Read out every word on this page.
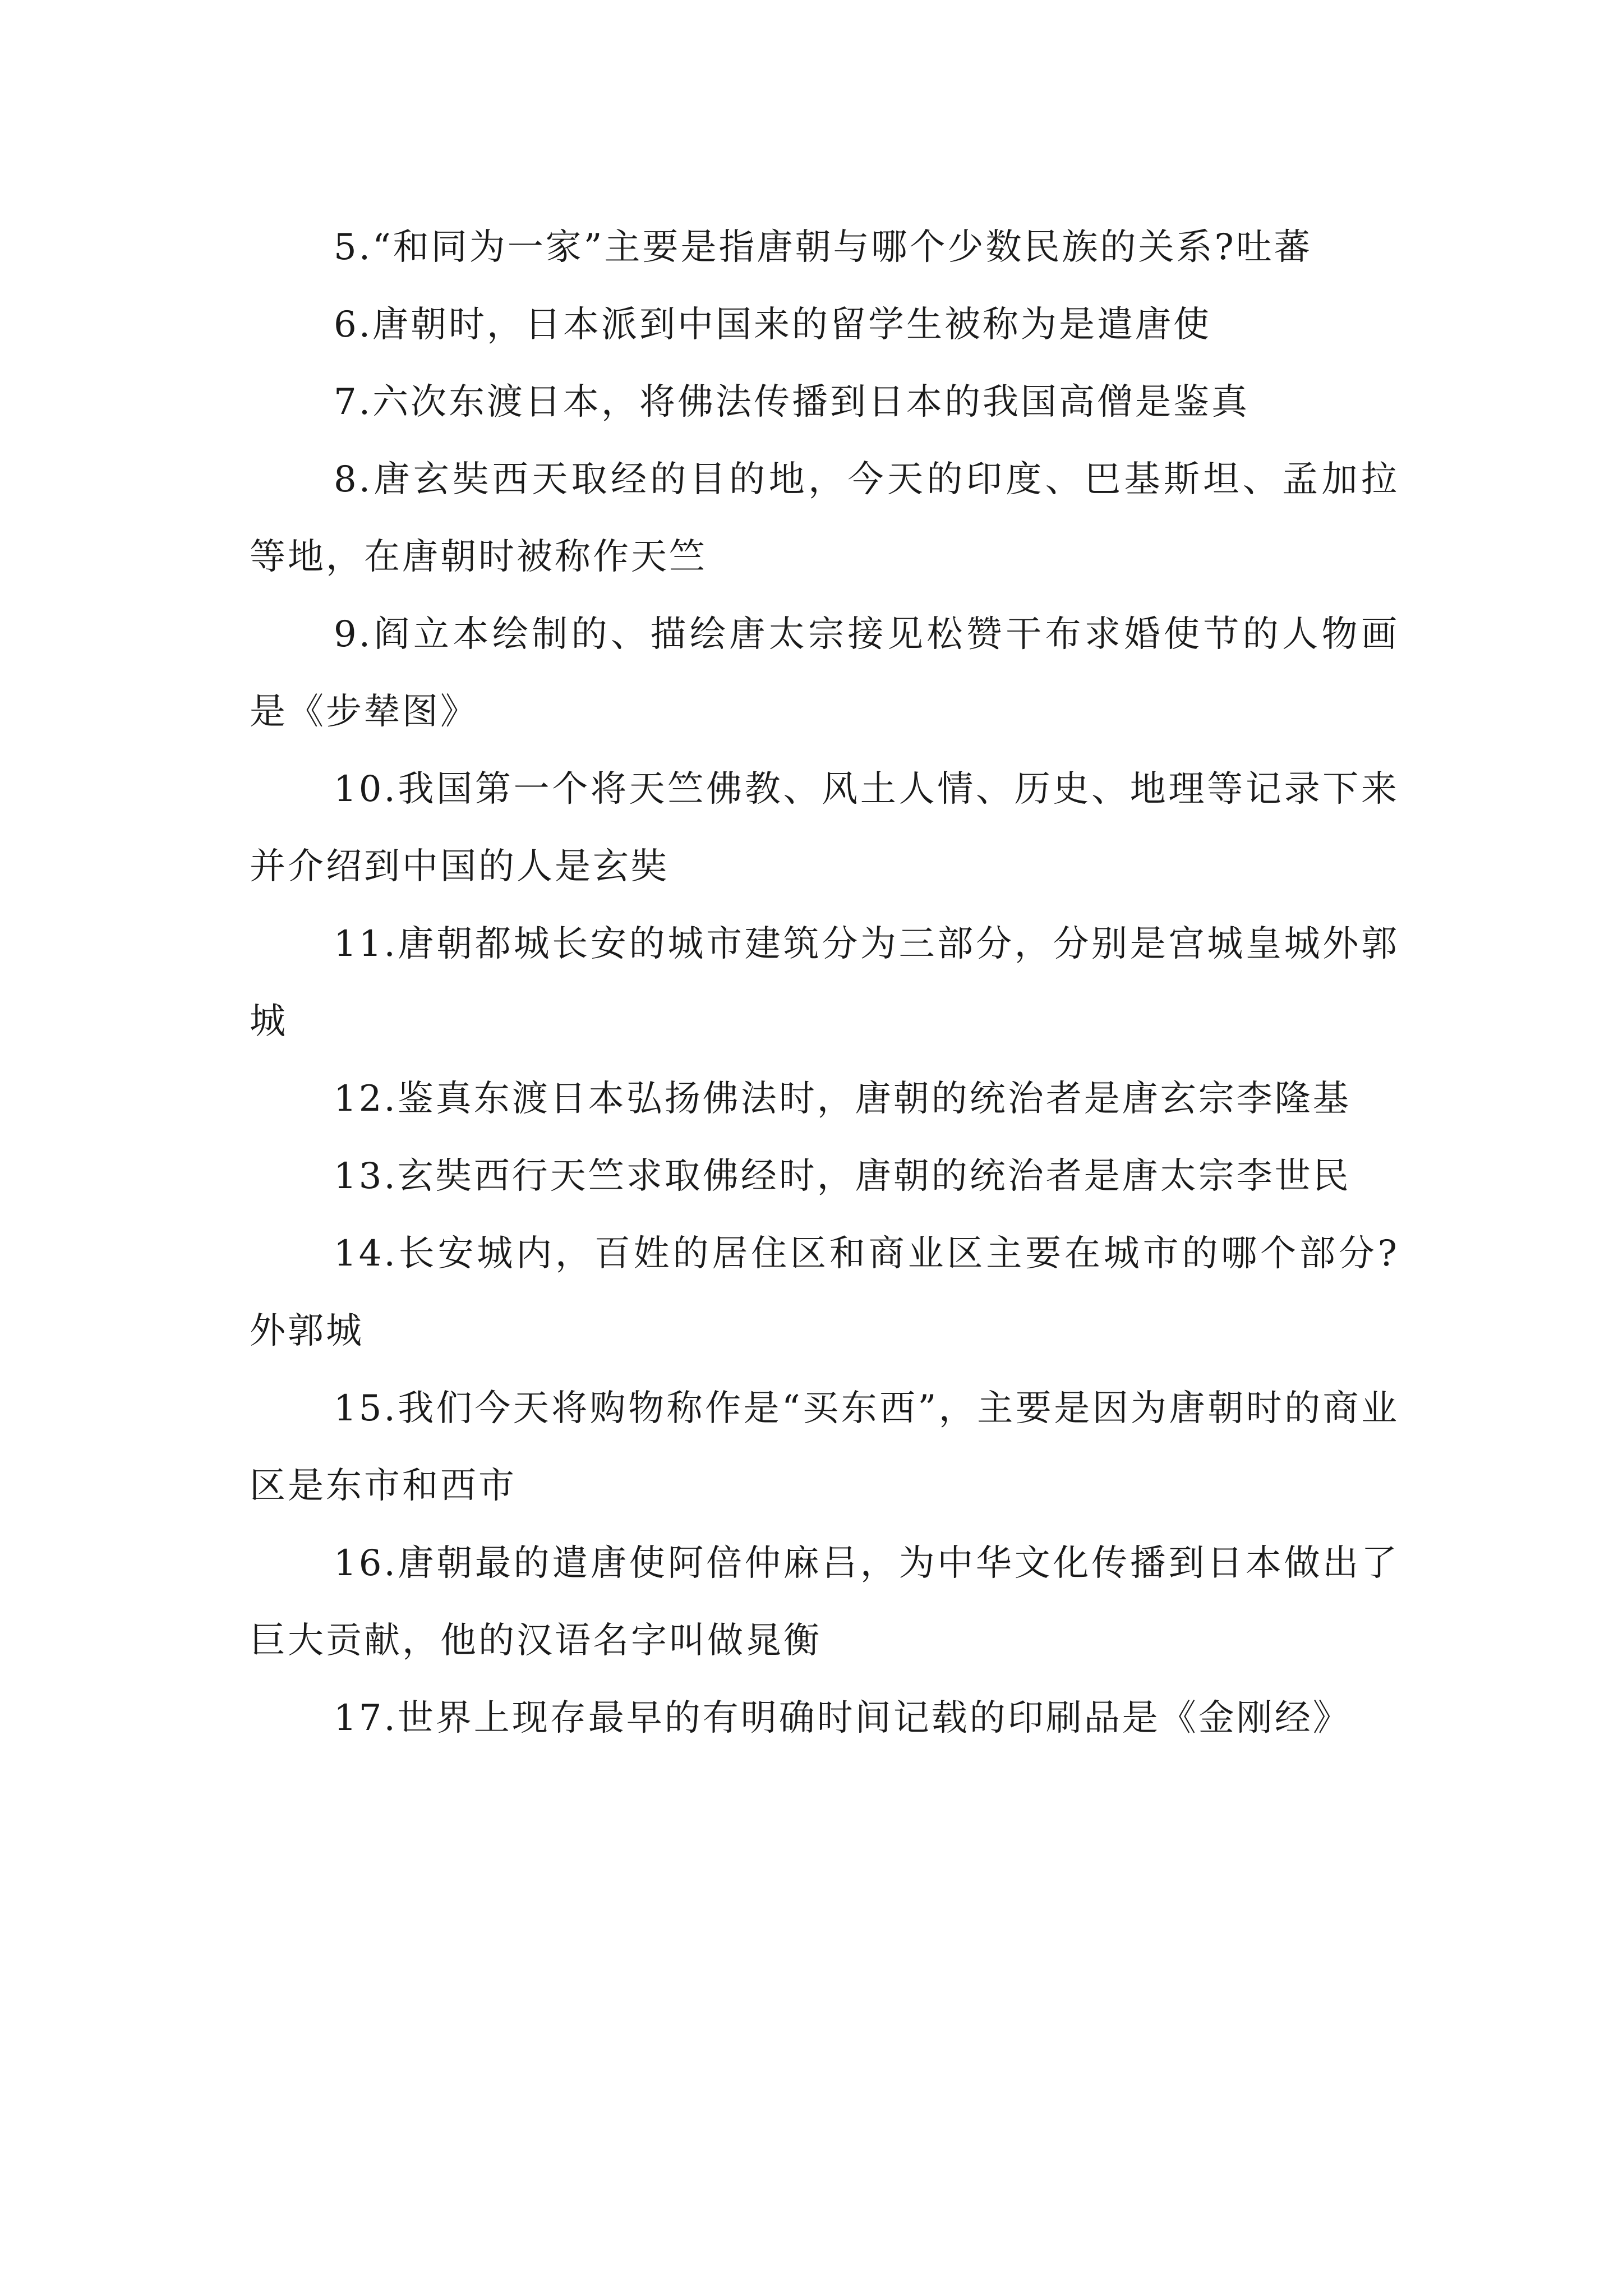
5.“和同为一家”主要是指唐朝与哪个少数民族的关系?吐蕃

6.唐朝时，日本派到中国来的留学生被称为是遣唐使

7.六次东渡日本，将佛法传播到日本的我国高僧是鉴真

8.唐玄奘西天取经的目的地，今天的印度、巴基斯坦、孟加拉等地，在唐朝时被称作天竺

9.阎立本绘制的、描绘唐太宗接见松赞干布求婚使节的人物画是《步辇图》

10.我国第一个将天竺佛教、风土人情、历史、地理等记录下来并介绍到中国的人是玄奘

11.唐朝都城长安的城市建筑分为三部分，分别是宫城皇城外郭城

12.鉴真东渡日本弘扬佛法时，唐朝的统治者是唐玄宗李隆基

13.玄奘西行天竺求取佛经时，唐朝的统治者是唐太宗李世民

14.长安城内，百姓的居住区和商业区主要在城市的哪个部分?外郭城

15.我们今天将购物称作是“买东西”，主要是因为唐朝时的商业区是东市和西市

16.唐朝最的遣唐使阿倍仲麻吕，为中华文化传播到日本做出了巨大贡献，他的汉语名字叫做晁衡

17.世界上现存最早的有明确时间记载的印刷品是《金刚经》
